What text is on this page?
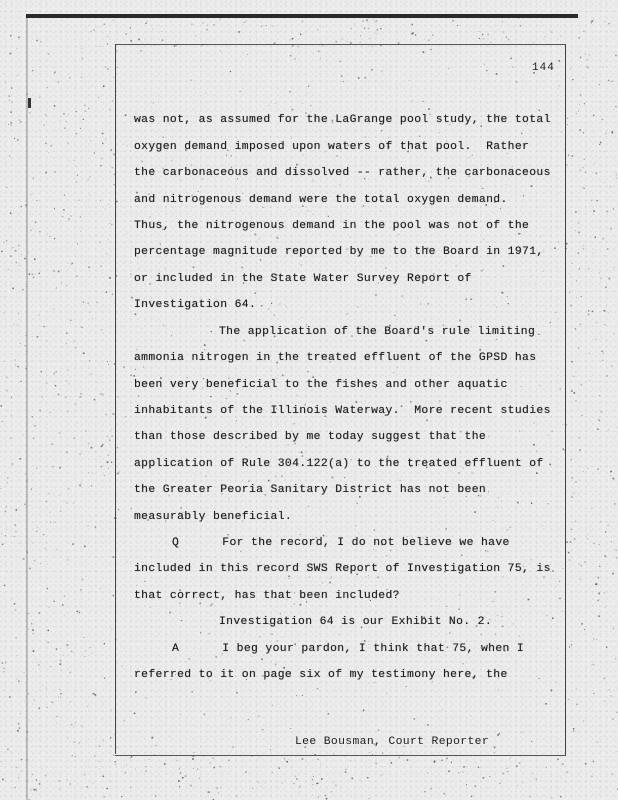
144
was not, as assumed for the LaGrange pool study, the total
oxygen demand imposed upon waters of that pool.  Rather
the carbonaceous and dissolved -- rather, the carbonaceous
and nitrogenous demand were the total oxygen demand.
Thus, the nitrogenous demand in the pool was not of the
percentage magnitude reported by me to the Board in 1971,
or included in the State Water Survey Report of
Investigation 64.
The application of the Board's rule limiting
ammonia nitrogen in the treated effluent of the GPSD has
been very beneficial to the fishes and other aquatic
inhabitants of the Illinois Waterway.  More recent studies
than those described by me today suggest that the
application of Rule 304.122(a) to the treated effluent of
the Greater Peoria Sanitary District has not been
measurably beneficial.
Q      For the record, I do not believe we have
included in this record SWS Report of Investigation 75, is
that correct, has that been included?
Investigation 64 is our Exhibit No. 2.
A      I beg your pardon, I think that 75, when I
referred to it on page six of my testimony here, the
Lee Bousman, Court Reporter
